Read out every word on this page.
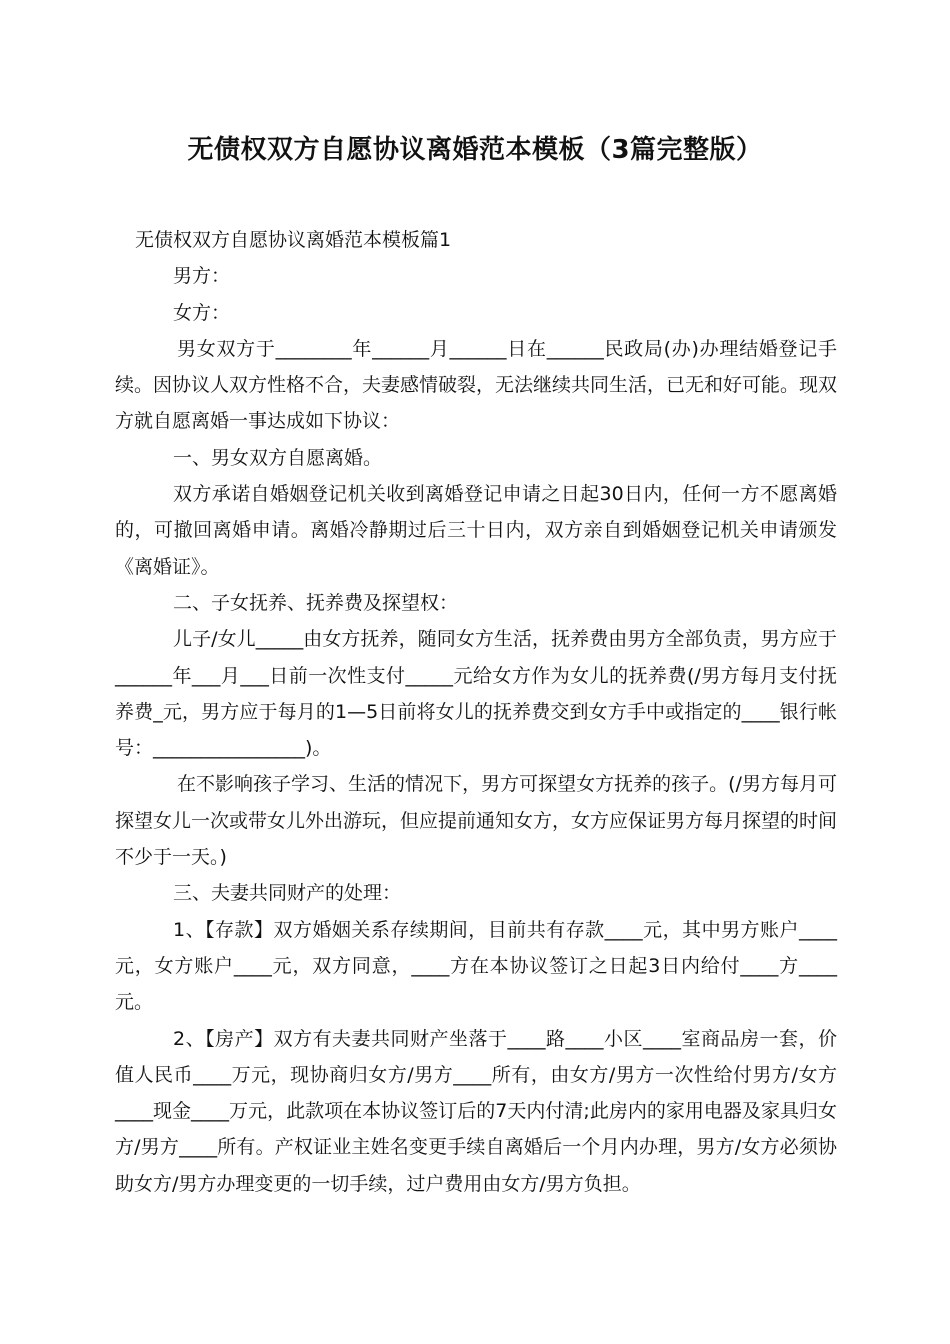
无债权双方自愿协议离婚范本模板（3篇完整版）

无债权双方自愿协议离婚范本模板篇1

男方：

女方：

男女双方于________年______月______日在______民政局(办)办理结婚登记手续。因协议人双方性格不合，夫妻感情破裂，无法继续共同生活，已无和好可能。现双方就自愿离婚一事达成如下协议：

一、男女双方自愿离婚。

双方承诺自婚姻登记机关收到离婚登记申请之日起30日内，任何一方不愿离婚的，可撤回离婚申请。离婚冷静期过后三十日内，双方亲自到婚姻登记机关申请颁发《离婚证》。

二、子女抚养、抚养费及探望权：

儿子/女儿_____由女方抚养，随同女方生活，抚养费由男方全部负责，男方应于______年___月___日前一次性支付_____元给女方作为女儿的抚养费(/男方每月支付抚养费_元，男方应于每月的1—5日前将女儿的抚养费交到女方手中或指定的____银行帐号：________________)。

在不影响孩子学习、生活的情况下，男方可探望女方抚养的孩子。(/男方每月可探望女儿一次或带女儿外出游玩，但应提前通知女方，女方应保证男方每月探望的时间不少于一天。)

三、夫妻共同财产的处理：

1、【存款】双方婚姻关系存续期间，目前共有存款____元，其中男方账户____元，女方账户____元，双方同意，____方在本协议签订之日起3日内给付____方____元。

2、【房产】双方有夫妻共同财产坐落于____路____小区____室商品房一套，价值人民币____万元，现协商归女方/男方____所有，由女方/男方一次性给付男方/女方____现金____万元，此款项在本协议签订后的7天内付清;此房内的家用电器及家具归女方/男方____所有。产权证业主姓名变更手续自离婚后一个月内办理，男方/女方必须协助女方/男方办理变更的一切手续，过户费用由女方/男方负担。
